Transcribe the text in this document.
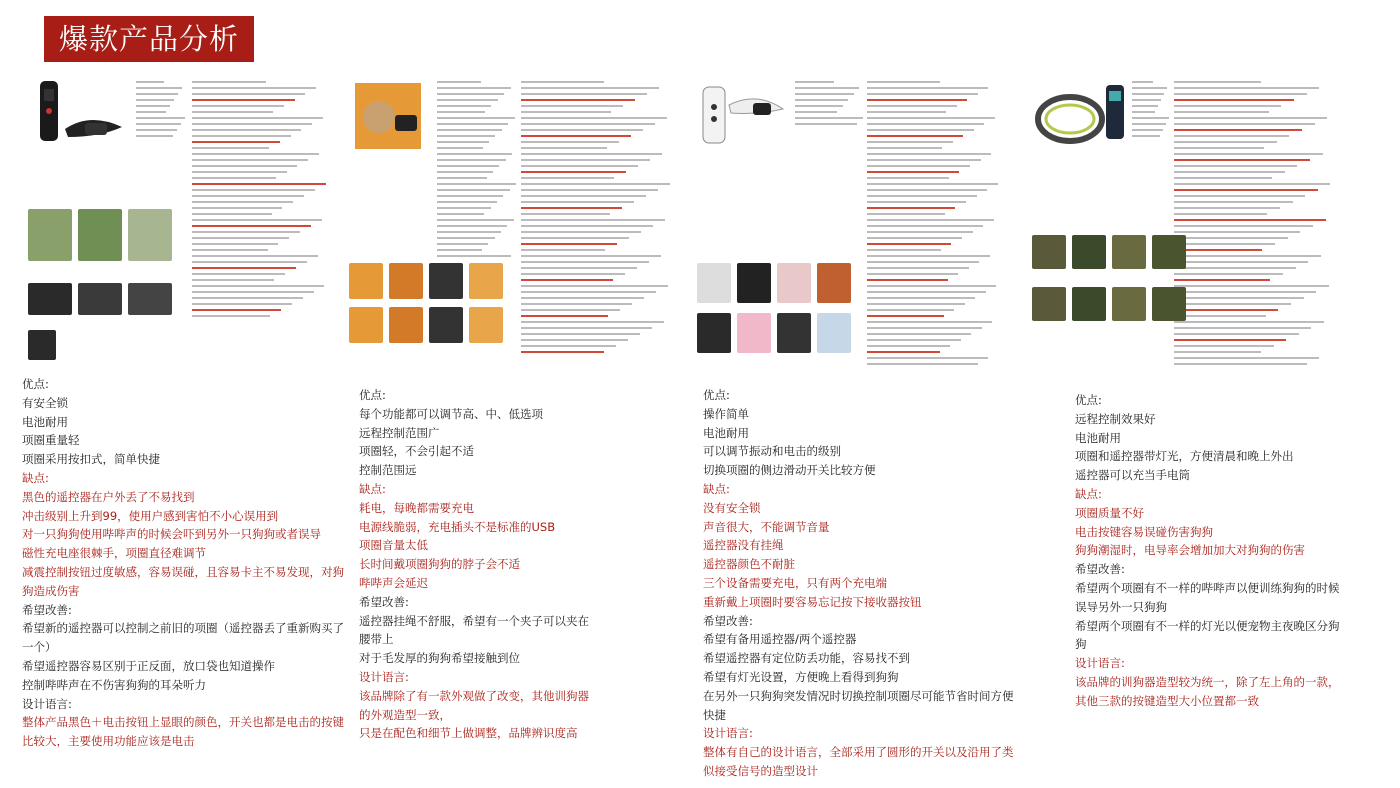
爆款产品分析
优点:
有安全锁
电池耐用
项圈重量轻
项圈采用按扣式，简单快捷
缺点:
黑色的遥控器在户外丢了不易找到
冲击级别上升到99，使用户感到害怕不小心误用到
对一只狗狗使用哔哔声的时候会吓到另外一只狗狗或者误导
磁性充电座很棘手，项圈直径难调节
减震控制按钮过度敏感，容易误碰，且容易卡主不易发现，对狗
狗造成伤害
希望改善:
希望新的遥控器可以控制之前旧的项圈（遥控器丢了重新购买了
一个）
希望遥控器容易区别于正反面，放口袋也知道操作
控制哔哔声在不伤害狗狗的耳朵听力
设计语言:
整体产品黑色＋电击按钮上显眼的颜色，开关也都是电击的按键
比较大，主要使用功能应该是电击
优点:
每个功能都可以调节高、中、低选项
远程控制范围广
项圈轻，不会引起不适
控制范围远
缺点:
耗电，每晚都需要充电
电源线脆弱，充电插头不是标准的USB
项圈音量太低
长时间戴项圈狗狗的脖子会不适
哔哔声会延迟
希望改善:
遥控器挂绳不舒服，希望有一个夹子可以夹在
腰带上
对于毛发厚的狗狗希望接触到位
设计语言:
该品牌除了有一款外观做了改变，其他训狗器
的外观造型一致，
只是在配色和细节上做调整，品牌辨识度高
优点:
操作简单
电池耐用
可以调节振动和电击的级别
切换项圈的侧边滑动开关比较方便
缺点:
没有安全锁
声音很大，不能调节音量
遥控器没有挂绳
遥控器颜色不耐脏
三个设备需要充电，只有两个充电端
重新戴上项圈时要容易忘记按下接收器按钮
希望改善:
希望有备用遥控器/两个遥控器
希望遥控器有定位防丢功能，容易找不到
希望有灯光设置，方便晚上看得到狗狗
在另外一只狗狗突发情况时切换控制项圈尽可能节省时间方便
快捷
设计语言:
整体有自己的设计语言，全部采用了圆形的开关以及沿用了类
似接受信号的造型设计
优点:
远程控制效果好
电池耐用
项圈和遥控器带灯光，方便清晨和晚上外出
遥控器可以充当手电筒
缺点:
项圈质量不好
电击按键容易误碰伤害狗狗
狗狗潮湿时，电导率会增加加大对狗狗的伤害
希望改善:
希望两个项圈有不一样的哔哔声以便训练狗狗的时候
误导另外一只狗狗
希望两个项圈有不一样的灯光以便宠物主夜晚区分狗
狗
设计语言:
该品牌的训狗器造型较为统一，除了左上角的一款，
其他三款的按键造型大小位置都一致
